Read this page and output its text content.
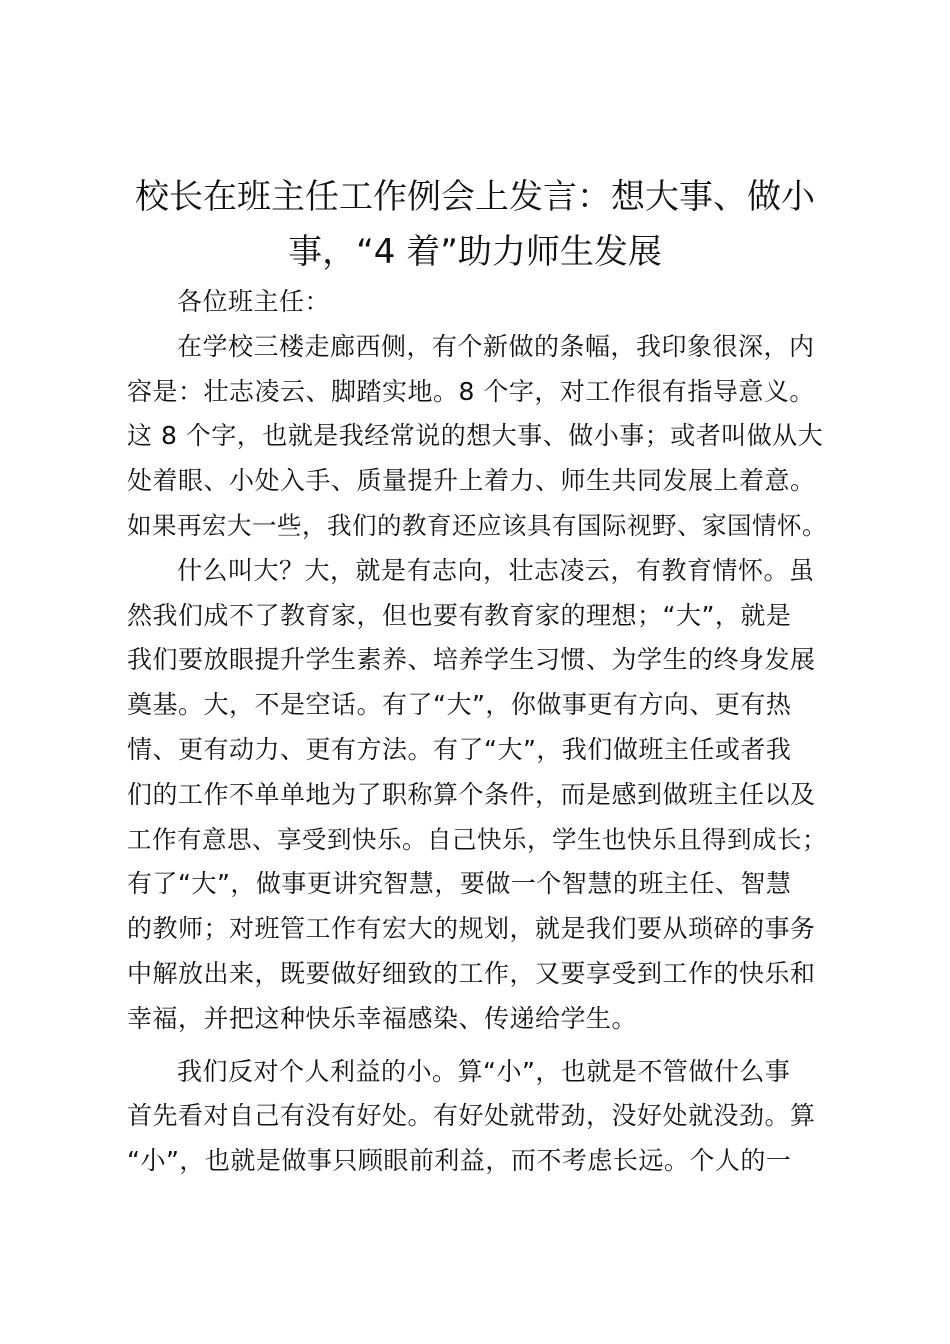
校长在班主任工作例会上发言：想大事、做小
事，“4 着”助力师生发展
各位班主任：
在学校三楼走廊西侧，有个新做的条幅，我印象很深，内
容是：壮志凌云、脚踏实地。8 个字，对工作很有指导意义。
这 8 个字，也就是我经常说的想大事、做小事；或者叫做从大
处着眼、小处入手、质量提升上着力、师生共同发展上着意。
如果再宏大一些，我们的教育还应该具有国际视野、家国情怀。
什么叫大？大，就是有志向，壮志凌云，有教育情怀。虽
然我们成不了教育家，但也要有教育家的理想；“大”，就是
我们要放眼提升学生素养、培养学生习惯、为学生的终身发展
奠基。大，不是空话。有了“大”，你做事更有方向、更有热
情、更有动力、更有方法。有了“大”，我们做班主任或者我
们的工作不单单地为了职称算个条件，而是感到做班主任以及
工作有意思、享受到快乐。自己快乐，学生也快乐且得到成长；
有了“大”，做事更讲究智慧，要做一个智慧的班主任、智慧
的教师；对班管工作有宏大的规划，就是我们要从琐碎的事务
中解放出来，既要做好细致的工作，又要享受到工作的快乐和
幸福，并把这种快乐幸福感染、传递给学生。
我们反对个人利益的小。算“小”，也就是不管做什么事
首先看对自己有没有好处。有好处就带劲，没好处就没劲。算
“小”，也就是做事只顾眼前利益，而不考虑长远。个人的一
